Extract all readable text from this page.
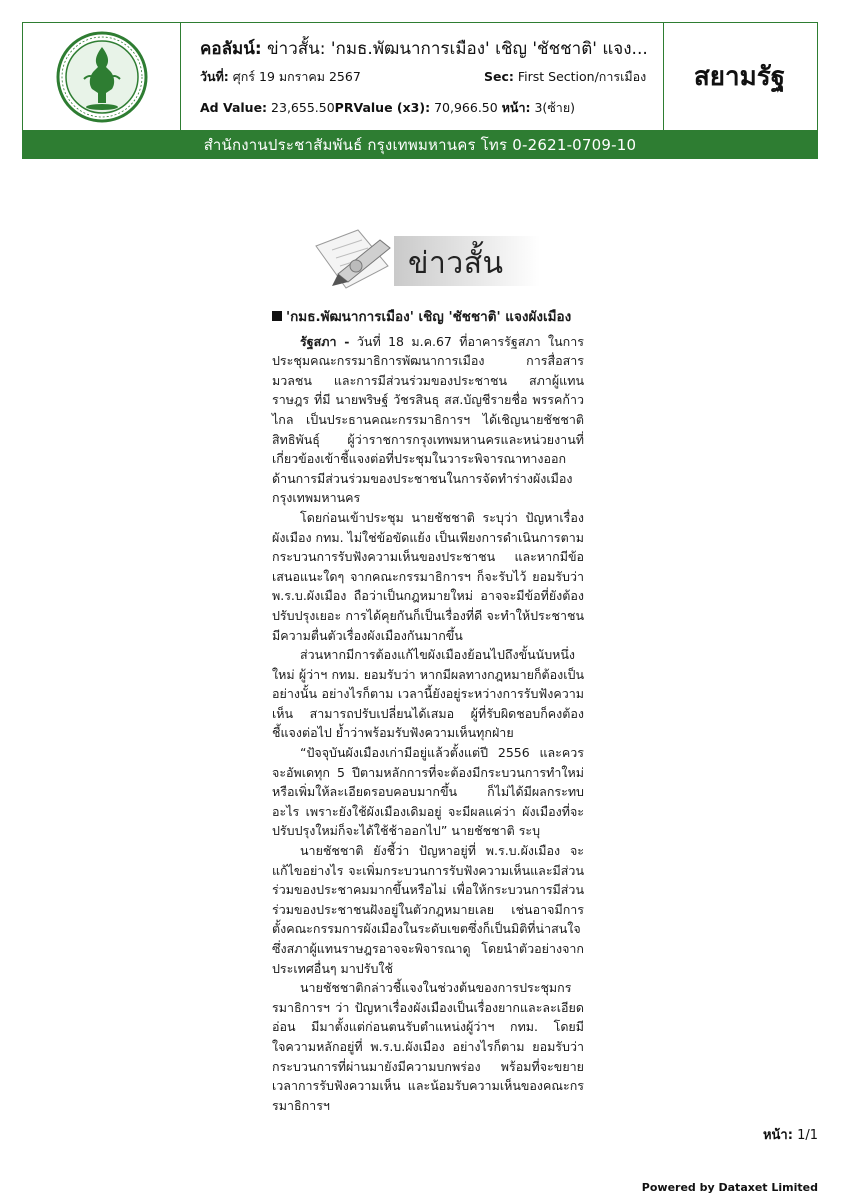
คอลัมน์: ข่าวสั้น: 'กมธ.พัฒนาการเมือง' เชิญ 'ชัชชาติ' แจง...
วันที่: ศุกร์ 19 มกราคม 2567	Sec: First Section/การเมือง
Ad Value: 23,655.50PRValue (x3): 70,966.50 หน้า: 3(ซ้าย)
สยามรัฐ
สำนักงานประชาสัมพันธ์ กรุงเทพมหานคร โทร 0-2621-0709-10
ข่าวสั้น
'กมธ.พัฒนาการเมือง' เชิญ 'ชัชชาติ' แจงผังเมือง

รัฐสภา - วันที่ 18 ม.ค.67 ที่อาคารรัฐสภา ในการประชุมคณะกรรมาธิการพัฒนาการเมือง การสื่อสารมวลชน และการมีส่วนร่วมของประชาชน สภาผู้แทนราษฎร ที่มี นายพริษฐ์ วัชรสินธุ สส.บัญชีรายชื่อ พรรคก้าวไกล เป็นประธานคณะกรรมาธิการฯ ได้เชิญนายชัชชาติ สิทธิพันธุ์ ผู้ว่าราชการกรุงเทพมหานครและหน่วยงานที่เกี่ยวข้องเข้าชี้แจงต่อที่ประชุมในวาระพิจารณาทางออกด้านการมีส่วนร่วมของประชาชนในการจัดทำร่างผังเมืองกรุงเทพมหานคร

โดยก่อนเข้าประชุม นายชัชชาติ ระบุว่า ปัญหาเรื่องผังเมือง กทม. ไม่ใช่ข้อขัดแย้ง เป็นเพียงการดำเนินการตามกระบวนการรับฟังความเห็นของประชาชน และหากมีข้อเสนอแนะใดๆ จากคณะกรรมาธิการฯ ก็จะรับไว้ ยอมรับว่า พ.ร.บ.ผังเมือง ถือว่าเป็นกฎหมายใหม่ อาจจะมีข้อที่ยังต้องปรับปรุงเยอะ การได้คุยกันก็เป็นเรื่องที่ดี จะทำให้ประชาชนมีความตื่นตัวเรื่องผังเมืองกันมากขึ้น

ส่วนหากมีการต้องแก้ไขผังเมืองย้อนไปถึงขั้นนับหนึ่งใหม่ ผู้ว่าฯ กทม. ยอมรับว่า หากมีผลทางกฎหมายก็ต้องเป็นอย่างนั้น อย่างไรก็ตาม เวลานี้ยังอยู่ระหว่างการรับฟังความเห็น สามารถปรับเปลี่ยนได้เสมอ ผู้ที่รับผิดชอบก็คงต้องชี้แจงต่อไป ย้ำว่าพร้อมรับฟังความเห็นทุกฝ่าย

“ปัจจุบันผังเมืองเก่ามีอยู่แล้วตั้งแต่ปี 2556 และควรจะอัพเดทุก 5 ปีตามหลักการที่จะต้องมีกระบวนการทำใหม่ หรือเพิ่มให้ละเอียดรอบคอบมากขึ้น ก็ไม่ได้มีผลกระทบอะไร เพราะยังใช้ผังเมืองเดิมอยู่ จะมีผลแค่ว่า ผังเมืองที่จะปรับปรุงใหม่ก็จะได้ใช้ช้าออกไป” นายชัชชาติ ระบุ

นายชัชชาติ ยังชี้ว่า ปัญหาอยู่ที่ พ.ร.บ.ผังเมือง จะแก้ไขอย่างไร จะเพิ่มกระบวนการรับฟังความเห็นและมีส่วนร่วมของประชาคมมากขึ้นหรือไม่ เพื่อให้กระบวนการมีส่วนร่วมของประชาชนฝังอยู่ในตัวกฎหมายเลย เช่นอาจมีการตั้งคณะกรรมการผังเมืองในระดับเขตซึ่งก็เป็นมิติที่น่าสนใจ ซึ่งสภาผู้แทนราษฎรอาจจะพิจารณาดู โดยนำตัวอย่างจากประเทศอื่นๆ มาปรับใช้

นายชัชชาติกล่าวชี้แจงในช่วงต้นของการประชุมกรรมาธิการฯ ว่า ปัญหาเรื่องผังเมืองเป็นเรื่องยากและละเอียดอ่อน มีมาตั้งแต่ก่อนตนรับตำแหน่งผู้ว่าฯ กทม. โดยมีใจความหลักอยู่ที่ พ.ร.บ.ผังเมือง อย่างไรก็ตาม ยอมรับว่ากระบวนการที่ผ่านมายังมีความบกพร่อง พร้อมที่จะขยายเวลาการรับฟังความเห็น และน้อมรับความเห็นของคณะกรรมาธิการฯ

หน้า: 1/1
Powered by Dataxet Limited
